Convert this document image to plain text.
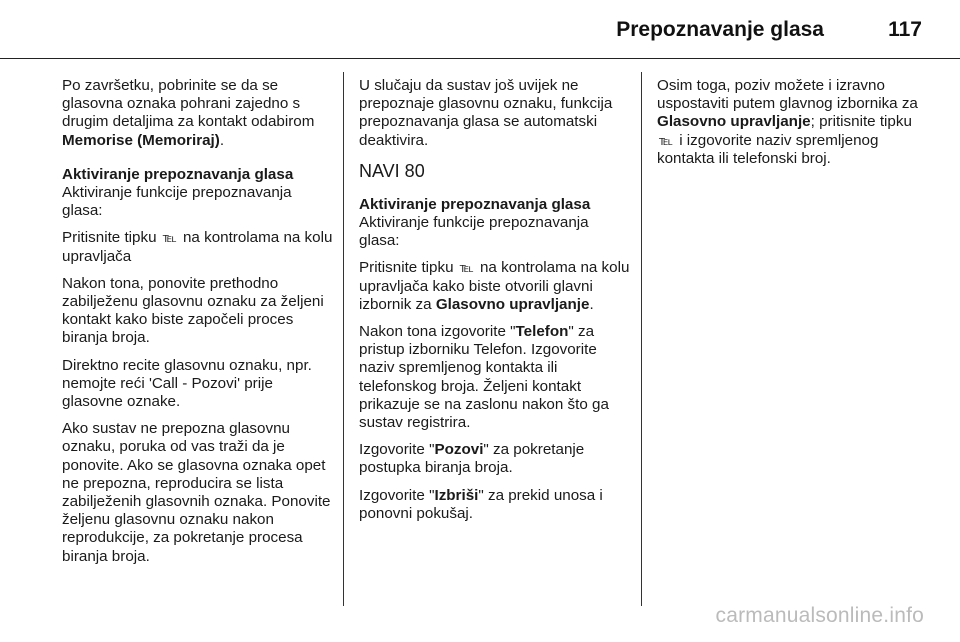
Prepoznavanje glasa	117

Po završetku, pobrinite se da se glasovna oznaka pohrani zajedno s drugim detaljima za kontakt odabirom Memorise (Memoriraj).

Aktiviranje prepoznavanja glasa

Aktiviranje funkcije prepoznavanja glasa:

Pritisnite tipku ℡ na kontrolama na kolu upravljača

Nakon tona, ponovite prethodno zabilježenu glasovnu oznaku za željeni kontakt kako biste započeli proces biranja broja.

Direktno recite glasovnu oznaku, npr. nemojte reći 'Call - Pozovi' prije glasovne oznake.

Ako sustav ne prepozna glasovnu oznaku, poruka od vas traži da je ponovite. Ako se glasovna oznaka opet ne prepozna, reproducira se lista zabilježenih glasovnih oznaka. Ponovite željenu glasovnu oznaku nakon reprodukcije, za pokretanje procesa biranja broja.

U slučaju da sustav još uvijek ne prepoznaje glasovnu oznaku, funkcija prepoznavanja glasa se automatski deaktivira.

NAVI 80

Aktiviranje prepoznavanja glasa

Aktiviranje funkcije prepoznavanja glasa:

Pritisnite tipku ℡ na kontrolama na kolu upravljača kako biste otvorili glavni izbornik za Glasovno upravljanje.

Nakon tona izgovorite "Telefon" za pristup izborniku Telefon. Izgovorite naziv spremljenog kontakta ili telefonskog broja. Željeni kontakt prikazuje se na zaslonu nakon što ga sustav registrira.

Izgovorite "Pozovi" za pokretanje postupka biranja broja.

Izgovorite "Izbriši" za prekid unosa i ponovni pokušaj.

Osim toga, poziv možete i izravno uspostaviti putem glavnog izbornika za Glasovno upravljanje; pritisnite tipku ℡ i izgovorite naziv spremljenog kontakta ili telefonski broj.

carmanualsonline.info
